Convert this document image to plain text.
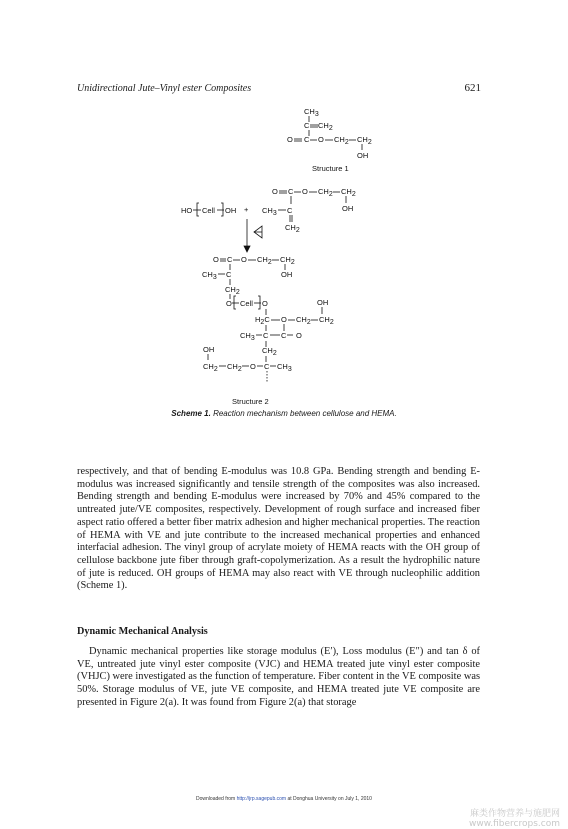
Unidirectional Jute–Vinyl ester Composites	621
CH3
C CH2
O C O CH2 CH2
OH
Structure 1
HO Cell OH +
O C O CH2 CH2
OH
CH3 C
CH2
O C O CH2 CH2
OH
CH3 C
CH2
O Cell O	OH
H2C O CH2 CH2
CH3 C C O
OH	CH2
CH2 CH2 O C CH3
Structure 2
Scheme 1. Reaction mechanism between cellulose and HEMA.

respectively, and that of bending E-modulus was 10.8 GPa. Bending strength and bending E-modulus was increased significantly and tensile strength of the composites was also increased. Bending strength and bending E-modulus were increased by 70% and 45% compared to the untreated jute/VE composites, respectively. Development of rough surface and increased fiber aspect ratio offered a better fiber matrix adhesion and higher mechanical properties. The reaction of HEMA with VE and jute contribute to the increased mechanical properties and enhanced interfacial adhesion. The vinyl group of acrylate moiety of HEMA reacts with the OH group of cellulose backbone jute fiber through graft-copolymerization. As a result the hydrophilic nature of jute is reduced. OH groups of HEMA may also react with VE through nucleophilic addition (Scheme 1).

Dynamic Mechanical Analysis

Dynamic mechanical properties like storage modulus (E′), Loss modulus (E″) and tan δ of VE, untreated jute vinyl ester composite (VJC) and HEMA treated jute vinyl ester composite (VHJC) were investigated as the function of temperature. Fiber content in the VE composite was 50%. Storage modulus of VE, jute VE composite, and HEMA treated jute VE composite are presented in Figure 2(a). It was found from Figure 2(a) that storage

Downloaded from http://jrp.sagepub.com at Donghua University on July 1, 2010
麻类作物营养与施肥网
www.fibercrops.com
